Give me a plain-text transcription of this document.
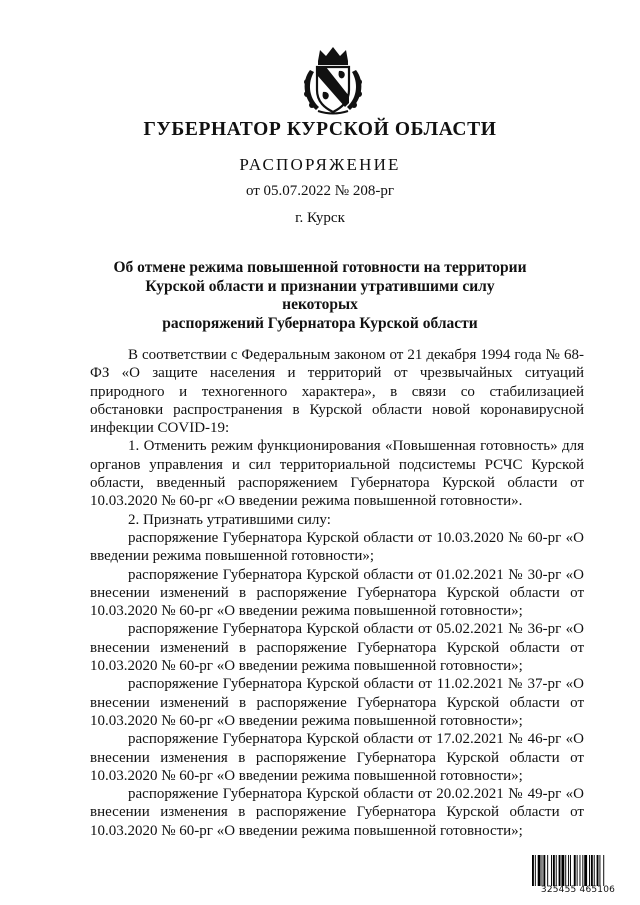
ГУБЕРНАТОР КУРСКОЙ ОБЛАСТИ
РАСПОРЯЖЕНИЕ
от 05.07.2022 № 208-рг
г. Курск
Об отмене режима повышенной готовности на территории
Курской области и признании утратившими силу некоторых
распоряжений Губернатора Курской области

В соответствии с Федеральным законом от 21 декабря 1994 года № 68-ФЗ «О защите населения и территорий от чрезвычайных ситуаций природного и техногенного характера», в связи со стабилизацией обстановки распространения в Курской области новой коронавирусной инфекции COVID-19:

1. Отменить режим функционирования «Повышенная готовность» для органов управления и сил территориальной подсистемы РСЧС Курской области, введенный распоряжением Губернатора Курской области от 10.03.2020 № 60-рг «О введении режима повышенной готовности».

2. Признать утратившими силу:

распоряжение Губернатора Курской области от 10.03.2020 № 60-рг «О введении режима повышенной готовности»;

распоряжение Губернатора Курской области от 01.02.2021 № 30-рг «О внесении изменений в распоряжение Губернатора Курской области от 10.03.2020 № 60-рг «О введении режима повышенной готовности»;

распоряжение Губернатора Курской области от 05.02.2021 № 36-рг «О внесении изменений в распоряжение Губернатора Курской области от 10.03.2020 № 60-рг «О введении режима повышенной готовности»;

распоряжение Губернатора Курской области от 11.02.2021 № 37-рг «О внесении изменений в распоряжение Губернатора Курской области от 10.03.2020 № 60-рг «О введении режима повышенной готовности»;

распоряжение Губернатора Курской области от 17.02.2021 № 46-рг «О внесении изменения в распоряжение Губернатора Курской области от 10.03.2020 № 60-рг «О введении режима повышенной готовности»;

распоряжение Губернатора Курской области от 20.02.2021 № 49-рг «О внесении изменения в распоряжение Губернатора Курской области от 10.03.2020 № 60-рг «О введении режима повышенной готовности»;

325455 465106
